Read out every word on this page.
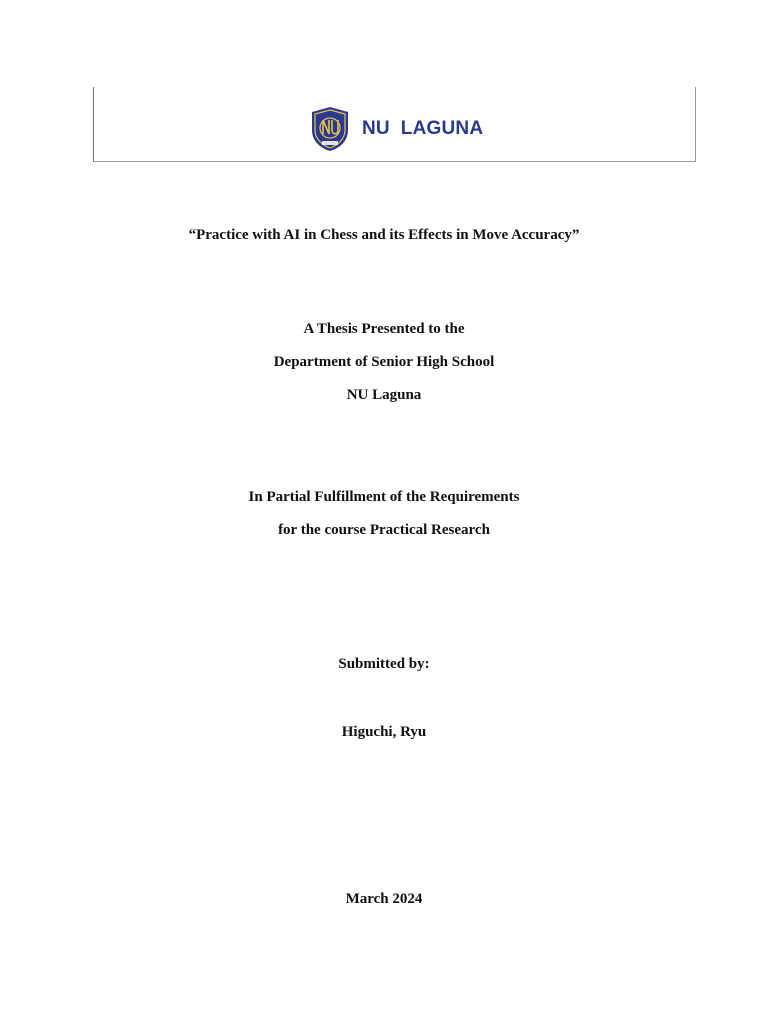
NU  LAGUNA
“Practice with AI in Chess and its Effects in Move Accuracy”
A Thesis Presented to the
Department of Senior High School
NU Laguna
In Partial Fulfillment of the Requirements
for the course Practical Research
Submitted by:
Higuchi, Ryu
March 2024
